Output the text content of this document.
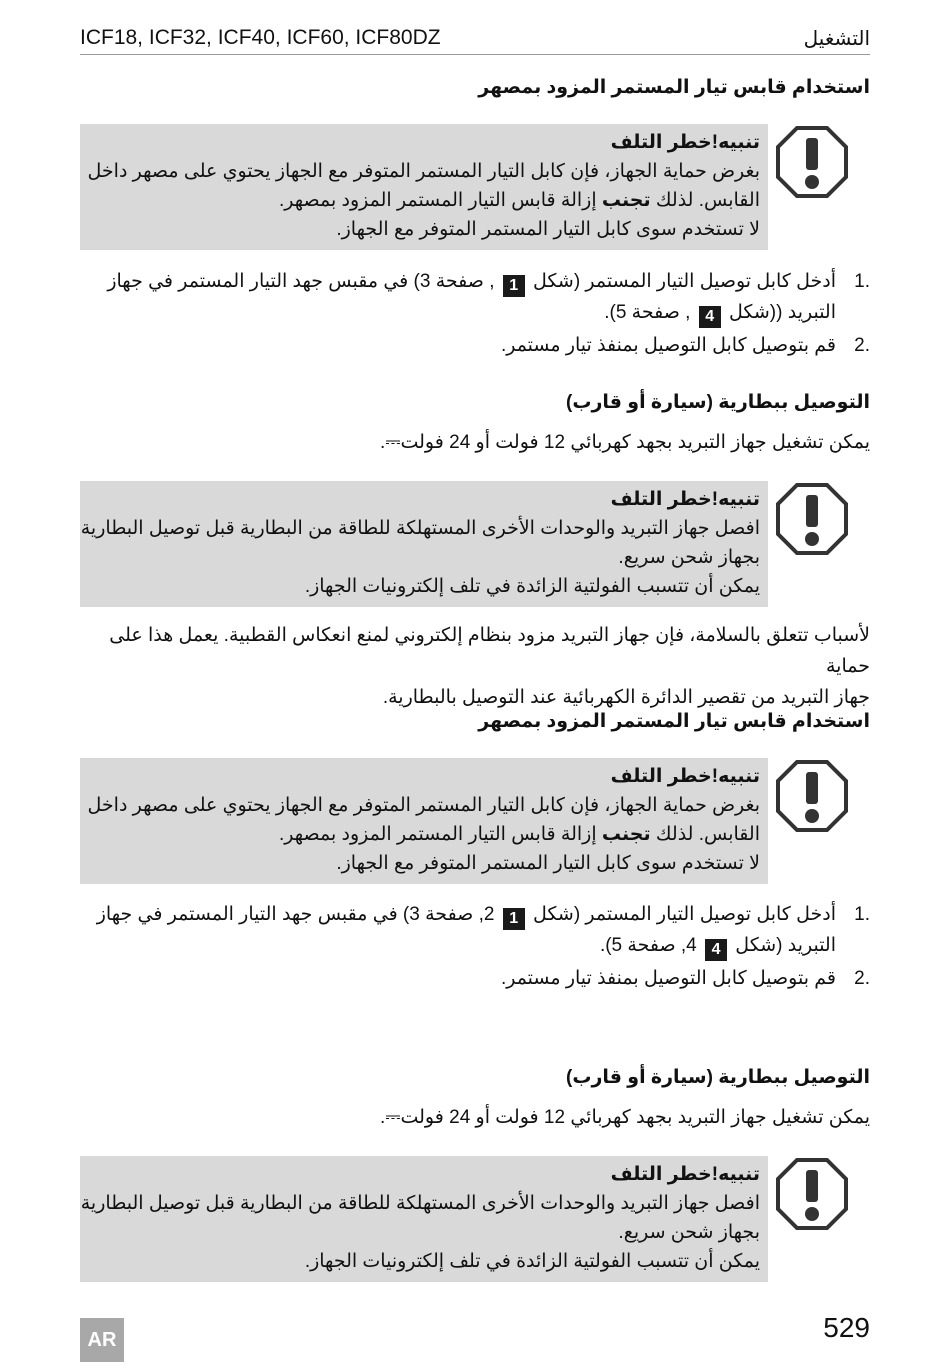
ICF18, ICF32, ICF40, ICF60, ICF80DZ	التشغيل
استخدام قابس تيار المستمر المزود بمصهر
تنبيه!خطر التلف
بغرض حماية الجهاز، فإن كابل التيار المستمر المتوفر مع الجهاز يحتوي على مصهر داخل
القابس. لذلك تجنب إزالة قابس التيار المستمر المزود بمصهر.
لا تستخدم سوى كابل التيار المستمر المتوفر مع الجهاز.
1.
أدخل كابل توصيل التيار المستمر (شكل 1 , صفحة 3) في مقبس جهد التيار المستمر في جهاز
التبريد ((شكل 4 , صفحة 5).
2.
قم بتوصيل كابل التوصيل بمنفذ تيار مستمر.
التوصيل ببطارية (سيارة أو قارب)
يمكن تشغيل جهاز التبريد بجهد كهربائي 12 فولت أو 24 فولت⎓.
تنبيه!خطر التلف
افصل جهاز التبريد والوحدات الأخرى المستهلكة للطاقة من البطارية قبل توصيل البطارية
بجهاز شحن سريع.
يمكن أن تتسبب الفولتية الزائدة في تلف إلكترونيات الجهاز.
لأسباب تتعلق بالسلامة، فإن جهاز التبريد مزود بنظام إلكتروني لمنع انعكاس القطبية. يعمل هذا على حماية
جهاز التبريد من تقصير الدائرة الكهربائية عند التوصيل بالبطارية.
استخدام قابس تيار المستمر المزود بمصهر
تنبيه!خطر التلف
بغرض حماية الجهاز، فإن كابل التيار المستمر المتوفر مع الجهاز يحتوي على مصهر داخل
القابس. لذلك تجنب إزالة قابس التيار المستمر المزود بمصهر.
لا تستخدم سوى كابل التيار المستمر المتوفر مع الجهاز.
1.
أدخل كابل توصيل التيار المستمر (شكل 1 2, صفحة 3) في مقبس جهد التيار المستمر في جهاز
التبريد (شكل 4 4, صفحة 5).
2.
قم بتوصيل كابل التوصيل بمنفذ تيار مستمر.
التوصيل ببطارية (سيارة أو قارب)
يمكن تشغيل جهاز التبريد بجهد كهربائي 12 فولت أو 24 فولت⎓.
تنبيه!خطر التلف
افصل جهاز التبريد والوحدات الأخرى المستهلكة للطاقة من البطارية قبل توصيل البطارية
بجهاز شحن سريع.
يمكن أن تتسبب الفولتية الزائدة في تلف إلكترونيات الجهاز.
529
AR
